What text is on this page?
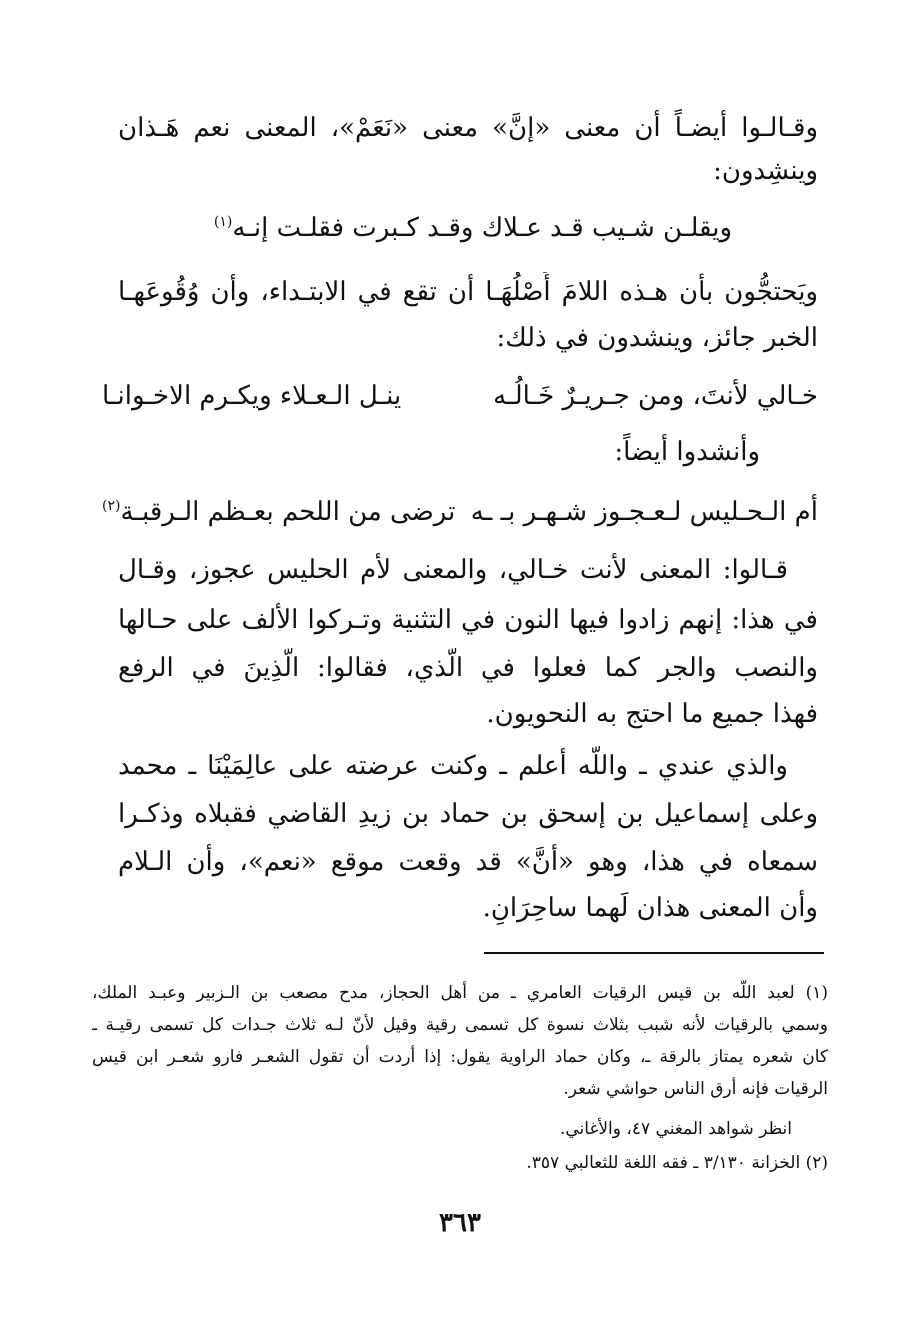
وقـالـوا أيضـاً أن معنى «إنَّ» معنى «نَعَمْ»، المعنى نعم هَـذان
وينشِدون:
ويقلـن شـيب قـد عـلاك وقـد كـبرت فقلـت إنـه$^{(١)}$
ويَحتجُّون بأن هـذه اللامَ أَصْلُهَـا أن تقع في الابتـداء، وأن وُقُوعَهـا
الخبر جائز، وينشدون في ذلك:
خـالي لأنتَ، ومن جـريـرٌ خَـالُـه
ينـل الـعـلاء ويكـرم الاخـوانـا
وأنشدوا أيضاً:
أم الـحـليس لـعـجـوز شـهـر بـ ـه
ترضى من اللحم بعـظم الـرقبـة$^{(٢)}$
قـالوا: المعنى لأنت خـالي، والمعنى لأم الحليس عجوز، وقـال
في هذا: إنهم زادوا فيها النون في التثنية وتـركوا الألف على حـالها
والنصب والجر كما فعلوا في الّذي، فقالوا: الّذِينَ في الرفع
فهذا جميع ما احتج به النحويون.
والذي عندي ـ واللّه أعلم ـ وكنت عرضته على عالِمَيْنَا ـ محمد
وعلى إسماعيل بن إسحق بن حماد بن زيدِ القاضي فقبلاه وذكـرا
سمعاه في هذا، وهو «أنَّ» قد وقعت موقع «نعم»، وأن الـلام
وأن المعنى هذان لَهما ساحِرَانِ.
(١) لعبد اللّه بن قيس الرقيات العامري ـ من أهل الحجاز، مدح مصعب بن الـزبير وعبـد الملك،
وسمي بالرقيات لأنه شبب بثلاث نسوة كل تسمى رقية وقيل لأنّ لـه ثلاث جـدات كل تسمى رقيـة ـ
كان شعره يمتاز بالرقة ـ، وكان حماد الراوية يقول: إذا أردت أن تقول الشعـر فارو شعـر ابن قيس
الرقيات فإنه أرق الناس حواشي شعر.
انظر شواهد المغني ٤٧، والأغاني.
(٢) الخزانة ٣/١٣٠ ـ فقه اللغة للثعالبي ٣٥٧.
٣٦٣
